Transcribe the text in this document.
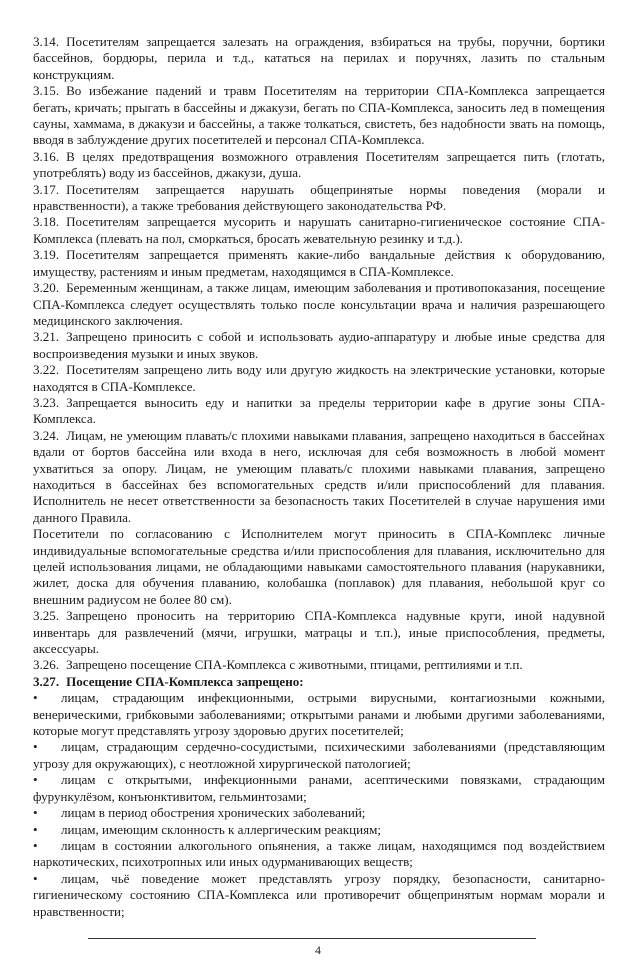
3.14. Посетителям запрещается залезать на ограждения, взбираться на трубы, поручни, бортики бассейнов, бордюры, перила и т.д., кататься на перилах и поручнях, лазить по стальным конструкциям.

3.15. Во избежание падений и травм Посетителям на территории СПА-Комплекса запрещается бегать, кричать; прыгать в бассейны и джакузи, бегать по СПА-Комплекса, заносить лед в помещения сауны, хаммама, в джакузи и бассейны, а также толкаться, свистеть, без надобности звать на помощь, вводя в заблуждение других посетителей и персонал СПА-Комплекса.

3.16. В целях предотвращения возможного отравления Посетителям запрещается пить (глотать, употреблять) воду из бассейнов, джакузи, душа.

3.17. Посетителям запрещается нарушать общепринятые нормы поведения (морали и нравственности), а также требования действующего законодательства РФ.

3.18. Посетителям запрещается мусорить и нарушать санитарно-гигиеническое состояние СПА-Комплекса (плевать на пол, сморкаться, бросать жевательную резинку и т.д.).

3.19. Посетителям запрещается применять какие-либо вандальные действия к оборудованию, имуществу, растениям и иным предметам, находящимся в СПА-Комплексе.

3.20. Беременным женщинам, а также лицам, имеющим заболевания и противопоказания, посещение СПА-Комплекса следует осуществлять только после консультации врача и наличия разрешающего медицинского заключения.

3.21. Запрещено приносить с собой и использовать аудио-аппаратуру и любые иные средства для воспроизведения музыки и иных звуков.

3.22. Посетителям запрещено лить воду или другую жидкость на электрические установки, которые находятся в СПА-Комплексе.

3.23. Запрещается выносить еду и напитки за пределы территории кафе в другие зоны СПА-Комплекса.

3.24. Лицам, не умеющим плавать/с плохими навыками плавания, запрещено находиться в бассейнах вдали от бортов бассейна или входа в него, исключая для себя возможность в любой момент ухватиться за опору. Лицам, не умеющим плавать/с плохими навыками плавания, запрещено находиться в бассейнах без вспомогательных средств и/или приспособлений для плавания. Исполнитель не несет ответственности за безопасность таких Посетителей в случае нарушения ими данного Правила.

Посетители по согласованию с Исполнителем могут приносить в СПА-Комплекс личные индивидуальные вспомогательные средства и/или приспособления для плавания, исключительно для целей использования лицами, не обладающими навыками самостоятельного плавания (нарукавники, жилет, доска для обучения плаванию, колобашка (поплавок) для плавания, небольшой круг со внешним радиусом не более 80 см).

3.25. Запрещено проносить на территорию СПА-Комплекса надувные круги, иной надувной инвентарь для развлечений (мячи, игрушки, матрацы и т.п.), иные приспособления, предметы, аксессуары.

3.26. Запрещено посещение СПА-Комплекса с животными, птицами, рептилиями и т.п.

3.27. Посещение СПА-Комплекса запрещено:

• лицам, страдающим инфекционными, острыми вирусными, контагиозными кожными, венерическими, грибковыми заболеваниями; открытыми ранами и любыми другими заболеваниями, которые могут представлять угрозу здоровью других посетителей;

• лицам, страдающим сердечно-сосудистыми, психическими заболеваниями (представляющим угрозу для окружающих), с неотложной хирургической патологией;

• лицам с открытыми, инфекционными ранами, асептическими повязками, страдающим фурункулёзом, конъюнктивитом, гельминтозами;

• лицам в период обострения хронических заболеваний;

• лицам, имеющим склонность к аллергическим реакциям;

• лицам в состоянии алкогольного опьянения, а также лицам, находящимся под воздействием наркотических, психотропных или иных одурманивающих веществ;

• лицам, чьё поведение может представлять угрозу порядку, безопасности, санитарно-гигиеническому состоянию СПА-Комплекса или противоречит общепринятым нормам морали и нравственности;

4
